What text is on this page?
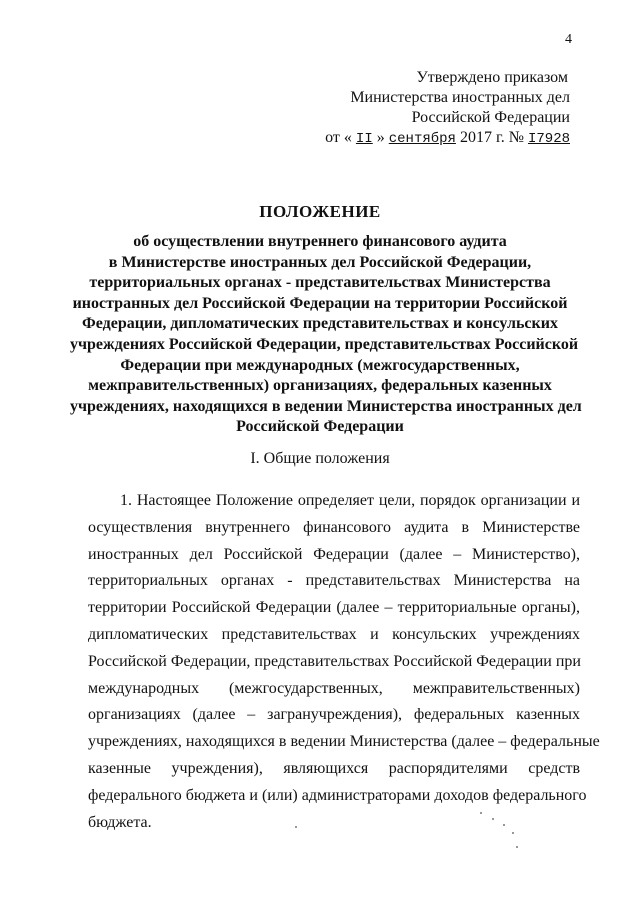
4
Утверждено приказом
Министерства иностранных дел
Российской Федерации
от « II » сентября 2017 г. № I7928
ПОЛОЖЕНИЕ
об осуществлении внутреннего финансового аудита
в Министерстве иностранных дел Российской Федерации,
территориальных органах - представительствах Министерства
иностранных дел Российской Федерации на территории Российской
Федерации, дипломатических представительствах и консульских
учреждениях Российской Федерации, представительствах Российской
Федерации при международных (межгосударственных,
межправительственных) организациях, федеральных казенных
учреждениях, находящихся в ведении Министерства иностранных дел
Российской Федерации
I. Общие положения
1. Настоящее Положение определяет цели, порядок организации и
осуществления внутреннего финансового аудита в Министерстве
иностранных дел Российской Федерации (далее – Министерство),
территориальных органах - представительствах Министерства на
территории Российской Федерации (далее – территориальные органы),
дипломатических представительствах и консульских учреждениях
Российской Федерации, представительствах Российской Федерации при
международных (межгосударственных, межправительственных)
организациях (далее – загранучреждения), федеральных казенных
учреждениях, находящихся в ведении Министерства (далее – федеральные
казенные учреждения), являющихся распорядителями средств
федерального бюджета и (или) администраторами доходов федерального
бюджета.
